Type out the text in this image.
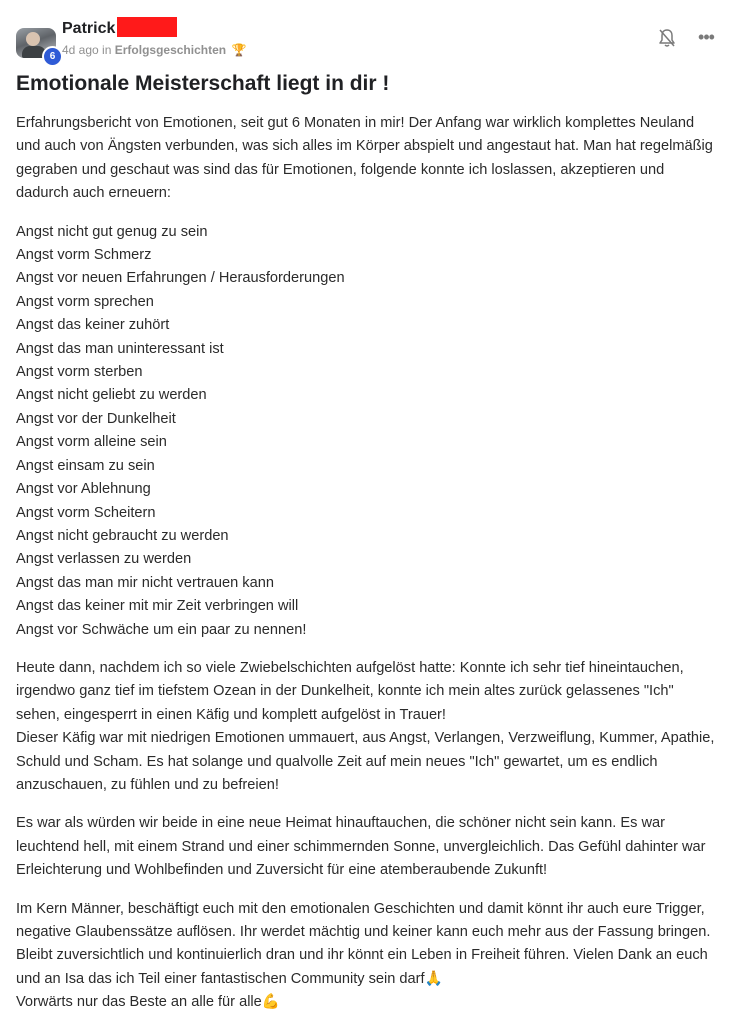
6
Patrick
4d ago in Erfolgsgeschichten 🏆
•••
Emotionale Meisterschaft liegt in dir !

Erfahrungsbericht von Emotionen, seit gut 6 Monaten in mir! Der Anfang war wirklich komplettes Neuland und auch von Ängsten verbunden, was sich alles im Körper abspielt und angestaut hat. Man hat regelmäßig gegraben und geschaut was sind das für Emotionen, folgende konnte ich loslassen, akzeptieren und dadurch auch erneuern:

Angst nicht gut genug zu sein
Angst vorm Schmerz
Angst vor neuen Erfahrungen / Herausforderungen
Angst vorm sprechen
Angst das keiner zuhört
Angst das man uninteressant ist
Angst vorm sterben
Angst nicht geliebt zu werden
Angst vor der Dunkelheit
Angst vorm alleine sein
Angst einsam zu sein
Angst vor Ablehnung
Angst vorm Scheitern
Angst nicht gebraucht zu werden
Angst verlassen zu werden
Angst das man mir nicht vertrauen kann
Angst das keiner mit mir Zeit verbringen will
Angst vor Schwäche um ein paar zu nennen!

Heute dann, nachdem ich so viele Zwiebelschichten aufgelöst hatte: Konnte ich sehr tief hineintauchen, irgendwo ganz tief im tiefstem Ozean in der Dunkelheit, konnte ich mein altes zurück gelassenes "Ich" sehen, eingesperrt in einen Käfig und komplett aufgelöst in Trauer!
Dieser Käfig war mit niedrigen Emotionen ummauert, aus Angst, Verlangen, Verzweiflung, Kummer, Apathie, Schuld und Scham. Es hat solange und qualvolle Zeit auf mein neues "Ich" gewartet, um es endlich anzuschauen, zu fühlen und zu befreien!

Es war als würden wir beide in eine neue Heimat hinauftauchen, die schöner nicht sein kann. Es war leuchtend hell, mit einem Strand und einer schimmernden Sonne, unvergleichlich. Das Gefühl dahinter war Erleichterung und Wohlbefinden und Zuversicht für eine atemberaubende Zukunft!

Im Kern Männer, beschäftigt euch mit den emotionalen Geschichten und damit könnt ihr auch eure Trigger, negative Glaubenssätze auflösen. Ihr werdet mächtig und keiner kann euch mehr aus der Fassung bringen. Bleibt zuversichtlich und kontinuierlich dran und ihr könnt ein Leben in Freiheit führen. Vielen Dank an euch und an Isa das ich Teil einer fantastischen Community sein darf🙏
Vorwärts nur das Beste an alle für alle💪
